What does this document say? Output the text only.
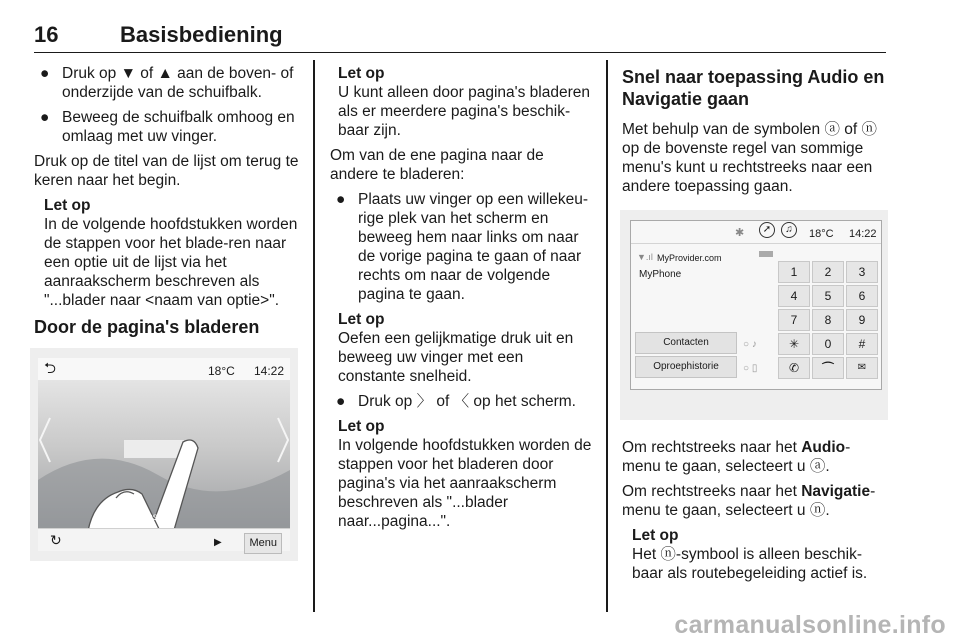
16	Basisbediening
● Druk op ▼ of ▲ aan de boven- of onderzijde van de schuifbalk.
● Beweeg de schuifbalk omhoog en omlaag met uw vinger.

Druk op de titel van de lijst om terug te keren naar het begin.

Let op
In de volgende hoofdstukken worden de stappen voor het blade-ren naar een optie uit de lijst via het aanraakscherm beschreven als "...blader naar <naam van optie>".
Door de pagina's bladeren
⮌	18°C 14:22
Bl...ns.jpg
↻	▶	Menu
Let op
U kunt alleen door pagina's bladeren als er meerdere pagina's beschik-baar zijn.

Om van de ene pagina naar de andere te bladeren:

● Plaats uw vinger op een willekeu-rige plek van het scherm en beweeg hem naar links om naar de vorige pagina te gaan of naar rechts om naar de volgende pagina te gaan.
Let op
Oefen een gelijkmatige druk uit en beweeg uw vinger met een constante snelheid.
● Druk op 〉 of 〈 op het scherm.
Let op
In volgende hoofdstukken worden de stappen voor het bladeren door pagina's via het aanraakscherm beschreven als "...blader naar...pagina...".
Snel naar toepassing Audio en Navigatie gaan

Met behulp van de symbolen ⓐ of ⓝ op de bovenste regel van sommige menu's kunt u rechtstreeks naar een andere toepassing gaan.

✱	➚	♫	18°C 14:22
▼.ıl MyProvider.com
MyPhone	1	2	3
4	5	6
7	8	9
✳	0	#
✆	⌒	✉
Contacten
Oproephistorie
○ ♪
○ ▯

Om rechtstreeks naar het Audio-menu te gaan, selecteert u ⓐ.

Om rechtstreeks naar het Navigatie-menu te gaan, selecteert u ⓝ.

Let op
Het ⓝ-symbool is alleen beschik-baar als routebegeleiding actief is.
carmanualsonline.info
